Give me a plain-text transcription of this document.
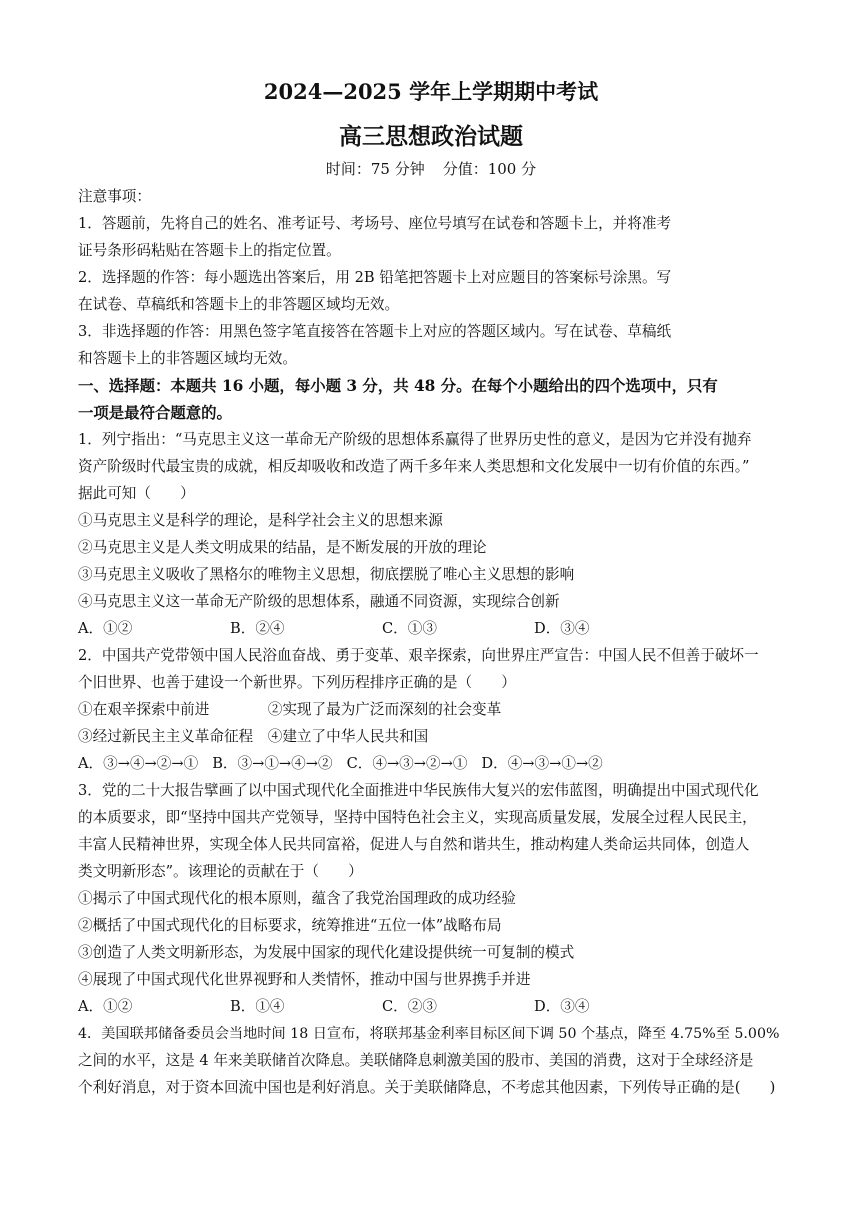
2024—2025 学年上学期期中考试
高三思想政治试题
时间：75 分钟 分值：100 分
注意事项：
1．答题前，先将自己的姓名、准考证号、考场号、座位号填写在试卷和答题卡上，并将准考
证号条形码粘贴在答题卡上的指定位置。
2．选择题的作答：每小题选出答案后，用 2B 铅笔把答题卡上对应题目的答案标号涂黑。写
在试卷、草稿纸和答题卡上的非答题区域均无效。
3．非选择题的作答：用黑色签字笔直接答在答题卡上对应的答题区域内。写在试卷、草稿纸
和答题卡上的非答题区域均无效。
一、选择题：本题共 16 小题，每小题 3 分，共 48 分。在每个小题给出的四个选项中，只有
一项是最符合题意的。
1．列宁指出：“马克思主义这一革命无产阶级的思想体系赢得了世界历史性的意义，是因为它并没有抛弃
资产阶级时代最宝贵的成就，相反却吸收和改造了两千多年来人类思想和文化发展中一切有价值的东西。”
据此可知（　　）
①马克思主义是科学的理论，是科学社会主义的思想来源
②马克思主义是人类文明成果的结晶，是不断发展的开放的理论
③马克思主义吸收了黑格尔的唯物主义思想，彻底摆脱了唯心主义思想的影响
④马克思主义这一革命无产阶级的思想体系，融通不同资源，实现综合创新
A．①②	B．②④	C．①③	D．③④
2．中国共产党带领中国人民浴血奋战、勇于变革、艰辛探索，向世界庄严宣告：中国人民不但善于破坏一
个旧世界、也善于建设一个新世界。下列历程排序正确的是（　　）
①在艰辛探索中前进　　　　②实现了最为广泛而深刻的社会变革
③经过新民主主义革命征程　④建立了中华人民共和国
A．③→④→②→① B．③→①→④→② C．④→③→②→① D．④→③→①→②
3．党的二十大报告擘画了以中国式现代化全面推进中华民族伟大复兴的宏伟蓝图，明确提出中国式现代化
的本质要求，即“坚持中国共产党领导，坚持中国特色社会主义，实现高质量发展，发展全过程人民民主，
丰富人民精神世界，实现全体人民共同富裕，促进人与自然和谐共生，推动构建人类命运共同体，创造人
类文明新形态”。该理论的贡献在于（　　）
①揭示了中国式现代化的根本原则，蕴含了我党治国理政的成功经验
②概括了中国式现代化的目标要求，统筹推进“五位一体”战略布局
③创造了人类文明新形态，为发展中国家的现代化建设提供统一可复制的模式
④展现了中国式现代化世界视野和人类情怀，推动中国与世界携手并进
A．①②	B．①④	C．②③	D．③④
4．美国联邦储备委员会当地时间 18 日宣布，将联邦基金利率目标区间下调 50 个基点，降至 4.75%至 5.00%
之间的水平，这是 4 年来美联储首次降息。美联储降息刺激美国的股市、美国的消费，这对于全球经济是
个利好消息，对于资本回流中国也是利好消息。关于美联储降息，不考虑其他因素，下列传导正确的是(　　)
